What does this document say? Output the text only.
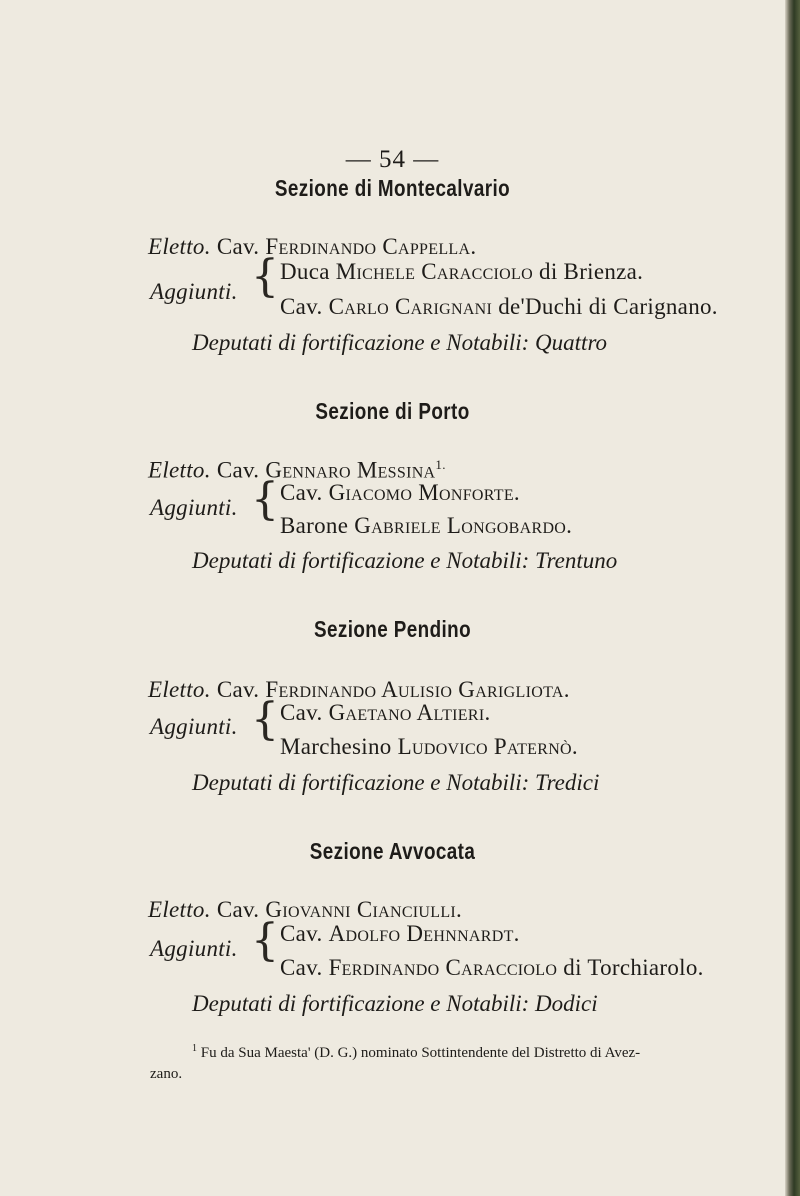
— 54 —
Sezione di Montecalvario
Eletto. Cav. Ferdinando Cappella.
Aggiunti. { Duca Michele Caracciolo di Brienza.
Cav. Carlo Carignani de'Duchi di Carignano.
Deputati di fortificazione e Notabili: Quattro
Sezione di Porto
Eletto. Cav. Gennaro Messina$^{1.}$
Aggiunti. { Cav. Giacomo Monforte.
Barone Gabriele Longobardo.
Deputati di fortificazione e Notabili: Trentuno
Sezione Pendino
Eletto. Cav. Ferdinando Aulisio Garigliota.
Aggiunti. { Cav. Gaetano Altieri.
Marchesino Ludovico Paternò.
Deputati di fortificazione e Notabili: Tredici
Sezione Avvocata
Eletto. Cav. Giovanni Cianciulli.
Aggiunti. { Cav. Adolfo Dehnnardt.
Cav. Ferdinando Caracciolo di Torchiarolo.
Deputati di fortificazione e Notabili: Dodici
$^1$ Fu da Sua Maesta' (D. G.) nominato Sottintendente del Distretto di Avez-
zano.
